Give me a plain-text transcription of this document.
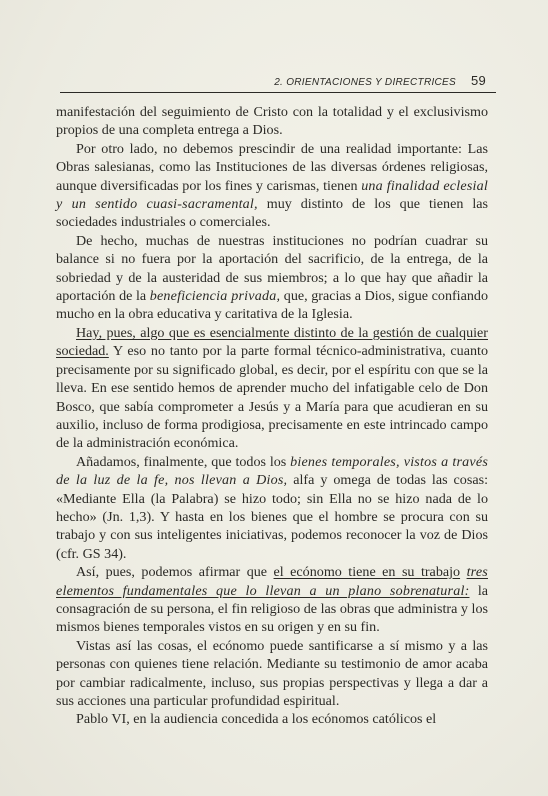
2. ORIENTACIONES Y DIRECTRICES 59

manifestación del seguimiento de Cristo con la totalidad y el exclusivismo propios de una completa entrega a Dios.

Por otro lado, no debemos prescindir de una realidad importante: Las Obras salesianas, como las Instituciones de las diversas órdenes religiosas, aunque diversificadas por los fines y carismas, tienen una finalidad eclesial y un sentido cuasi-sacramental, muy distinto de los que tienen las sociedades industriales o comerciales.

De hecho, muchas de nuestras instituciones no podrían cuadrar su balance si no fuera por la aportación del sacrificio, de la entrega, de la sobriedad y de la austeridad de sus miembros; a lo que hay que añadir la aportación de la beneficiencia privada, que, gracias a Dios, sigue confiando mucho en la obra educativa y caritativa de la Iglesia.

Hay, pues, algo que es esencialmente distinto de la gestión de cualquier sociedad. Y eso no tanto por la parte formal técnico-administrativa, cuanto precisamente por su significado global, es decir, por el espíritu con que se la lleva. En ese sentido hemos de aprender mucho del infatigable celo de Don Bosco, que sabía comprometer a Jesús y a María para que acudieran en su auxilio, incluso de forma prodigiosa, precisamente en este intrincado campo de la administración económica.

Añadamos, finalmente, que todos los bienes temporales, vistos a través de la luz de la fe, nos llevan a Dios, alfa y omega de todas las cosas: «Mediante Ella (la Palabra) se hizo todo; sin Ella no se hizo nada de lo hecho» (Jn. 1,3). Y hasta en los bienes que el hombre se procura con su trabajo y con sus inteligentes iniciativas, podemos reconocer la voz de Dios (cfr. GS 34).

Así, pues, podemos afirmar que el ecónomo tiene en su trabajo tres elementos fundamentales que lo llevan a un plano sobrenatural: la consagración de su persona, el fin religioso de las obras que administra y los mismos bienes temporales vistos en su origen y en su fin.

Vistas así las cosas, el ecónomo puede santificarse a sí mismo y a las personas con quienes tiene relación. Mediante su testimonio de amor acaba por cambiar radicalmente, incluso, sus propias perspectivas y llega a dar a sus acciones una particular profundidad espiritual.

Pablo VI, en la audiencia concedida a los ecónomos católicos el
